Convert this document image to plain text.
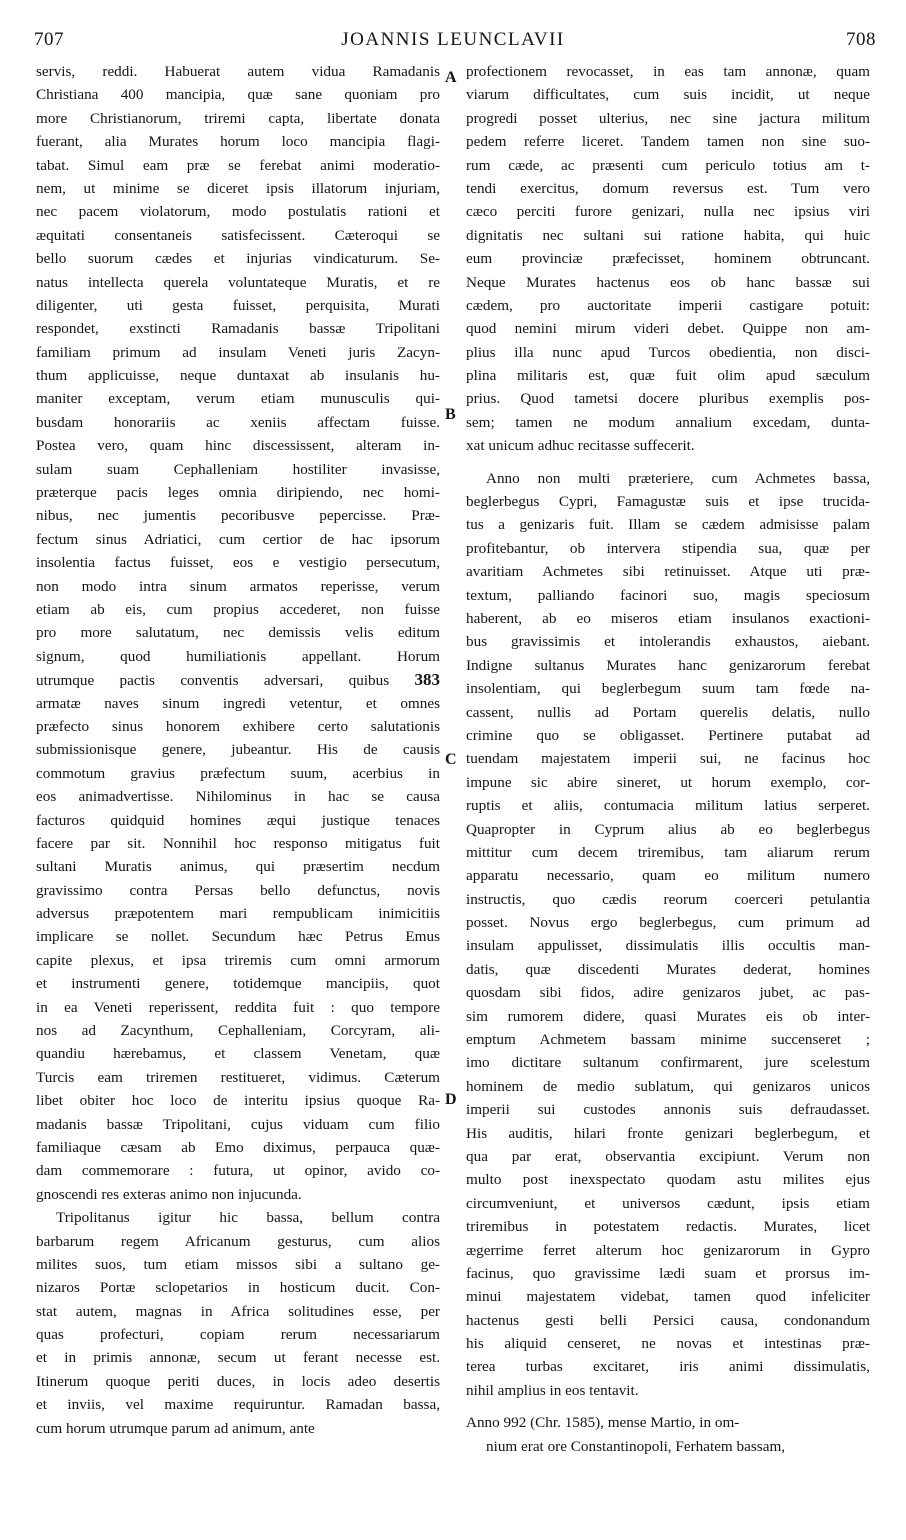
707	JOANNIS LEUNCLAVII	708
servis, reddi. Habuerat autem vidua Ramadanis
Christiana 400 mancipia, quæ sane quoniam pro
more Christianorum, triremi capta, libertate donata
fuerant, alia Murates horum loco mancipia flagi-
tabat. Simul eam præ se ferebat animi moderatio-
nem, ut minime se diceret ipsis illatorum injuriam,
nec pacem violatorum, modo postulatis rationi et
æquitati consentaneis satisfecissent. Cæteroqui se
bello suorum cædes et injurias vindicaturum. Se-
natus intellecta querela voluntateque Muratis, et re
diligenter, uti gesta fuisset, perquisita, Murati
respondet, exstincti Ramadanis bassæ Tripolitani
familiam primum ad insulam Veneti juris Zacyn-
thum applicuisse, neque duntaxat ab insulanis hu-
maniter exceptam, verum etiam munusculis qui-
busdam honorariis ac xeniis affectam fuisse.
Postea vero, quam hinc discessissent, alteram in-
sulam suam Cephalleniam hostiliter invasisse,
præterque pacis leges omnia diripiendo, nec homi-
nibus, nec jumentis pecoribusve pepercisse. Præ-
fectum sinus Adriatici, cum certior de hac ipsorum
insolentia factus fuisset, eos e vestigio persecutum,
non modo intra sinum armatos reperisse, verum
etiam ab eis, cum propius accederet, non fuisse
pro more salutatum, nec demissis velis editum
signum, quod humiliationis appellant. Horum
utrumque pactis conventis adversari, quibus 383
armatæ naves sinum ingredi vetentur, et omnes
præfecto sinus honorem exhibere certo salutationis
submissionisque genere, jubeantur. His de causis
commotum gravius præfectum suum, acerbius in
eos animadvertisse. Nihilominus in hac se causa
facturos quidquid homines æqui justique tenaces
facere par sit. Nonnihil hoc responso mitigatus fuit
sultani Muratis animus, qui præsertim necdum
gravissimo contra Persas bello defunctus, novis
adversus præpotentem mari rempublicam inimicitiis
implicare se nollet. Secundum hæc Petrus Emus
capite plexus, et ipsa triremis cum omni armorum
et instrumenti genere, totidemque mancipiis, quot
in ea Veneti reperissent, reddita fuit : quo tempore
nos ad Zacynthum, Cephalleniam, Corcyram, ali-
quandiu hærebamus, et classem Venetam, quæ
Turcis eam triremen restitueret, vidimus. Cæterum
libet obiter hoc loco de interitu ipsius quoque Ra-
madanis bassæ Tripolitani, cujus viduam cum filio
familiaque cæsam ab Emo diximus, perpauca quæ-
dam commemorare : futura, ut opinor, avido co-
gnoscendi res exteras animo non injucunda.
Tripolitanus igitur hic bassa, bellum contra
barbarum regem Africanum gesturus, cum alios
milites suos, tum etiam missos sibi a sultano ge-
nizaros Portæ sclopetarios in hosticum ducit. Con-
stat autem, magnas in Africa solitudines esse, per
quas profecturi, copiam rerum necessariarum
et in primis annonæ, secum ut ferant necesse est.
Itinerum quoque periti duces, in locis adeo desertis
et inviis, vel maxime requiruntur. Ramadan bassa,
cum horum utrumque parum ad animum, ante
profectionem revocasset, in eas tam annonæ, quam
viarum difficultates, cum suis incidit, ut neque
progredi posset ulterius, nec sine jactura militum
pedem referre liceret. Tandem tamen non sine suo-
rum cæde, ac præsenti cum periculo totius am t-
tendi exercitus, domum reversus est. Tum vero
cæco perciti furore genizari, nulla nec ipsius viri
dignitatis nec sultani sui ratione habita, qui huic
eum provinciæ præfecisset, hominem obtruncant.
Neque Murates hactenus eos ob hanc bassæ sui
cædem, pro auctoritate imperii castigare potuit:
quod nemini mirum videri debet. Quippe non am-
plius illa nunc apud Turcos obedientia, non disci-
plina militaris est, quæ fuit olim apud sæculum
prius. Quod tametsi docere pluribus exemplis pos-
sem; tamen ne modum annalium excedam, dunta-
xat unicum adhuc recitasse suffecerit.
Anno non multi præteriere, cum Achmetes bassa,
beglerbegus Cypri, Famagustæ suis et ipse trucida-
tus a genizaris fuit. Illam se cædem admisisse palam
profitebantur, ob intervera stipendia sua, quæ per
avaritiam Achmetes sibi retinuisset. Atque uti præ-
textum, palliando facinori suo, magis speciosum
haberent, ab eo miseros etiam insulanos exactioni-
bus gravissimis et intolerandis exhaustos, aiebant.
Indigne sultanus Murates hanc genizarorum ferebat
insolentiam, qui beglerbegum suum tam fœde na-
cassent, nullis ad Portam querelis delatis, nullo
crimine quo se obligasset. Pertinere putabat ad
tuendam majestatem imperii sui, ne facinus hoc
impune sic abire sineret, ut horum exemplo, cor-
ruptis et aliis, contumacia militum latius serperet.
Quapropter in Cyprum alius ab eo beglerbegus
mittitur cum decem triremibus, tam aliarum rerum
apparatu necessario, quam eo militum numero
instructis, quo cædis reorum coerceri petulantia
posset. Novus ergo beglerbegus, cum primum ad
insulam appulisset, dissimulatis illis occultis man-
datis, quæ discedenti Murates dederat, homines
quosdam sibi fidos, adire genizaros jubet, ac pas-
sim rumorem didere, quasi Murates eis ob inter-
emptum Achmetem bassam minime succenseret ;
imo dictitare sultanum confirmarent, jure scelestum
hominem de medio sublatum, qui genizaros unicos
imperii sui custodes annonis suis defraudasset.
His auditis, hilari fronte genizari beglerbegum, et
qua par erat, observantia excipiunt. Verum non
multo post inexspectato quodam astu milites ejus
circumveniunt, et universos cædunt, ipsis etiam
triremibus in potestatem redactis. Murates, licet
ægerrime ferret alterum hoc genizarorum in Gypro
facinus, quo gravissime lædi suam et prorsus im-
minui majestatem videbat, tamen quod infeliciter
hactenus gesti belli Persici causa, condonandum
his aliquid censeret, ne novas et intestinas præ-
terea turbas excitaret, iris animi dissimulatis,
nihil amplius in eos tentavit.
Anno 992 (Chr. 1585), mense Martio, in om-
nium erat ore Constantinopoli, Ferhatem bassam,
A
B
C
D
